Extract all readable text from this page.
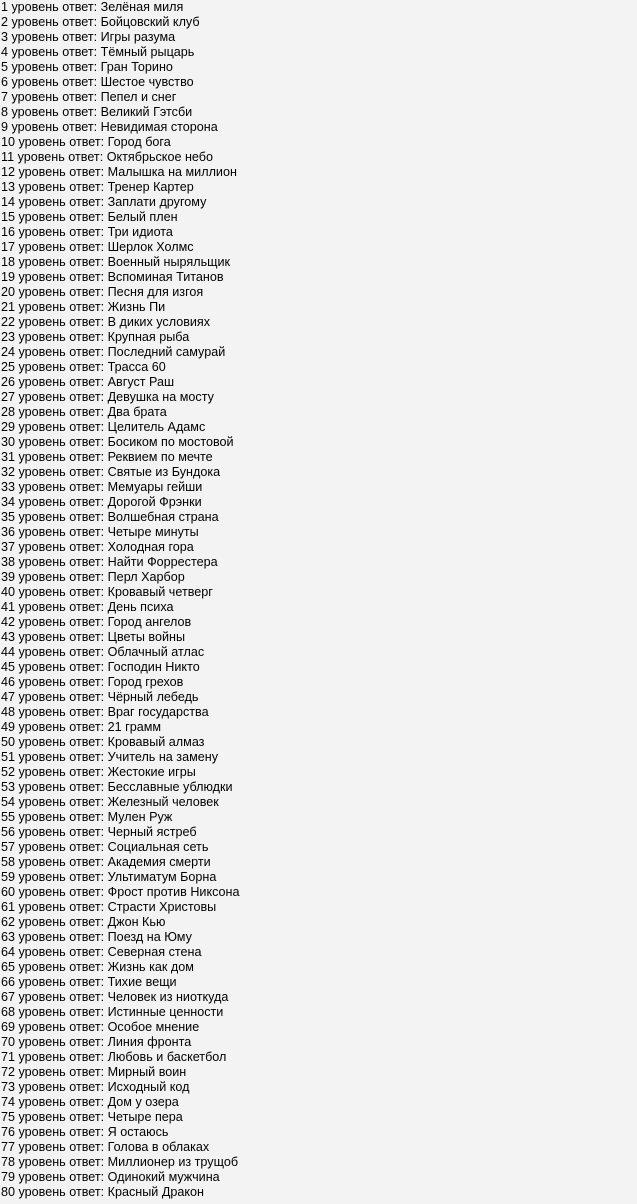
1 уровень ответ: Зелёная миля
2 уровень ответ: Бойцовский клуб
3 уровень ответ: Игры разума
4 уровень ответ: Тёмный рыцарь
5 уровень ответ: Гран Торино
6 уровень ответ: Шестое чувство
7 уровень ответ: Пепел и снег
8 уровень ответ: Великий Гэтсби
9 уровень ответ: Невидимая сторона
10 уровень ответ: Город бога
11 уровень ответ: Октябрьское небо
12 уровень ответ: Малышка на миллион
13 уровень ответ: Тренер Картер
14 уровень ответ: Заплати другому
15 уровень ответ: Белый плен
16 уровень ответ: Три идиота
17 уровень ответ: Шерлок Холмс
18 уровень ответ: Военный ныряльщик
19 уровень ответ: Вспоминая Титанов
20 уровень ответ: Песня для изгоя
21 уровень ответ: Жизнь Пи
22 уровень ответ: В диких условиях
23 уровень ответ: Крупная рыба
24 уровень ответ: Последний самурай
25 уровень ответ: Трасса 60
26 уровень ответ: Август Раш
27 уровень ответ: Девушка на мосту
28 уровень ответ: Два брата
29 уровень ответ: Целитель Адамс
30 уровень ответ: Босиком по мостовой
31 уровень ответ: Реквием по мечте
32 уровень ответ: Святые из Бундока
33 уровень ответ: Мемуары гейши
34 уровень ответ: Дорогой Фрэнки
35 уровень ответ: Волшебная страна
36 уровень ответ: Четыре минуты
37 уровень ответ: Холодная гора
38 уровень ответ: Найти Форрестера
39 уровень ответ: Перл Харбор
40 уровень ответ: Кровавый четверг
41 уровень ответ: День психа
42 уровень ответ: Город ангелов
43 уровень ответ: Цветы войны
44 уровень ответ: Облачный атлас
45 уровень ответ: Господин Никто
46 уровень ответ: Город грехов
47 уровень ответ: Чёрный лебедь
48 уровень ответ: Враг государства
49 уровень ответ: 21 грамм
50 уровень ответ: Кровавый алмаз
51 уровень ответ: Учитель на замену
52 уровень ответ: Жестокие игры
53 уровень ответ: Бесславные ублюдки
54 уровень ответ: Железный человек
55 уровень ответ: Мулен Руж
56 уровень ответ: Черный ястреб
57 уровень ответ: Социальная сеть
58 уровень ответ: Академия смерти
59 уровень ответ: Ультиматум Борна
60 уровень ответ: Фрост против Никсона
61 уровень ответ: Страсти Христовы
62 уровень ответ: Джон Кью
63 уровень ответ: Поезд на Юму
64 уровень ответ: Северная стена
65 уровень ответ: Жизнь как дом
66 уровень ответ: Тихие вещи
67 уровень ответ: Человек из ниоткуда
68 уровень ответ: Истинные ценности
69 уровень ответ: Особое мнение
70 уровень ответ: Линия фронта
71 уровень ответ: Любовь и баскетбол
72 уровень ответ: Мирный воин
73 уровень ответ: Исходный код
74 уровень ответ: Дом у озера
75 уровень ответ: Четыре пера
76 уровень ответ: Я остаюсь
77 уровень ответ: Голова в облаках
78 уровень ответ: Миллионер из трущоб
79 уровень ответ: Одинокий мужчина
80 уровень ответ: Красный Дракон
